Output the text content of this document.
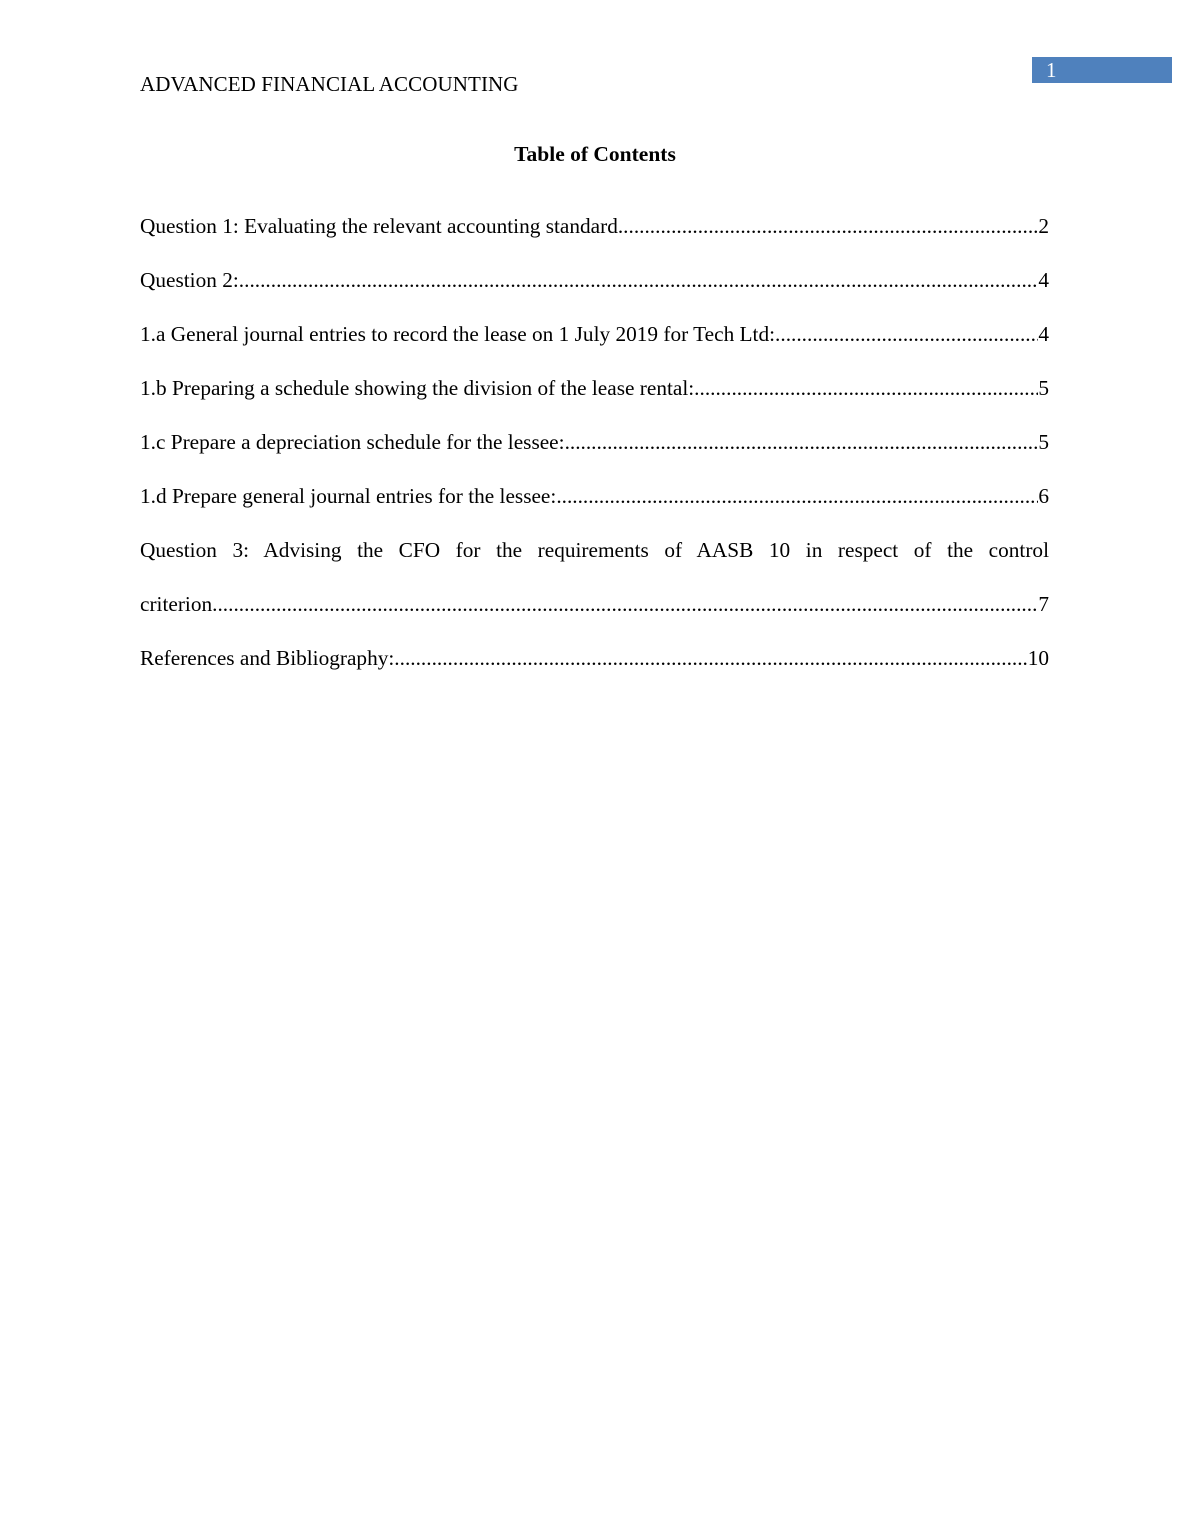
ADVANCED FINANCIAL ACCOUNTING
1
Table of Contents
Question 1: Evaluating the relevant accounting standard .....	2
Question 2: .....	4
1.a General journal entries to record the lease on 1 July 2019 for Tech Ltd: .....	4
1.b Preparing a schedule showing the division of the lease rental: .....	5
1.c Prepare a depreciation schedule for the lessee: .....	5
1.d Prepare general journal entries for the lessee: .....	6
Question 3: Advising the CFO for the requirements of AASB 10 in respect of the control
criterion .....	7
References and Bibliography: .....	10
